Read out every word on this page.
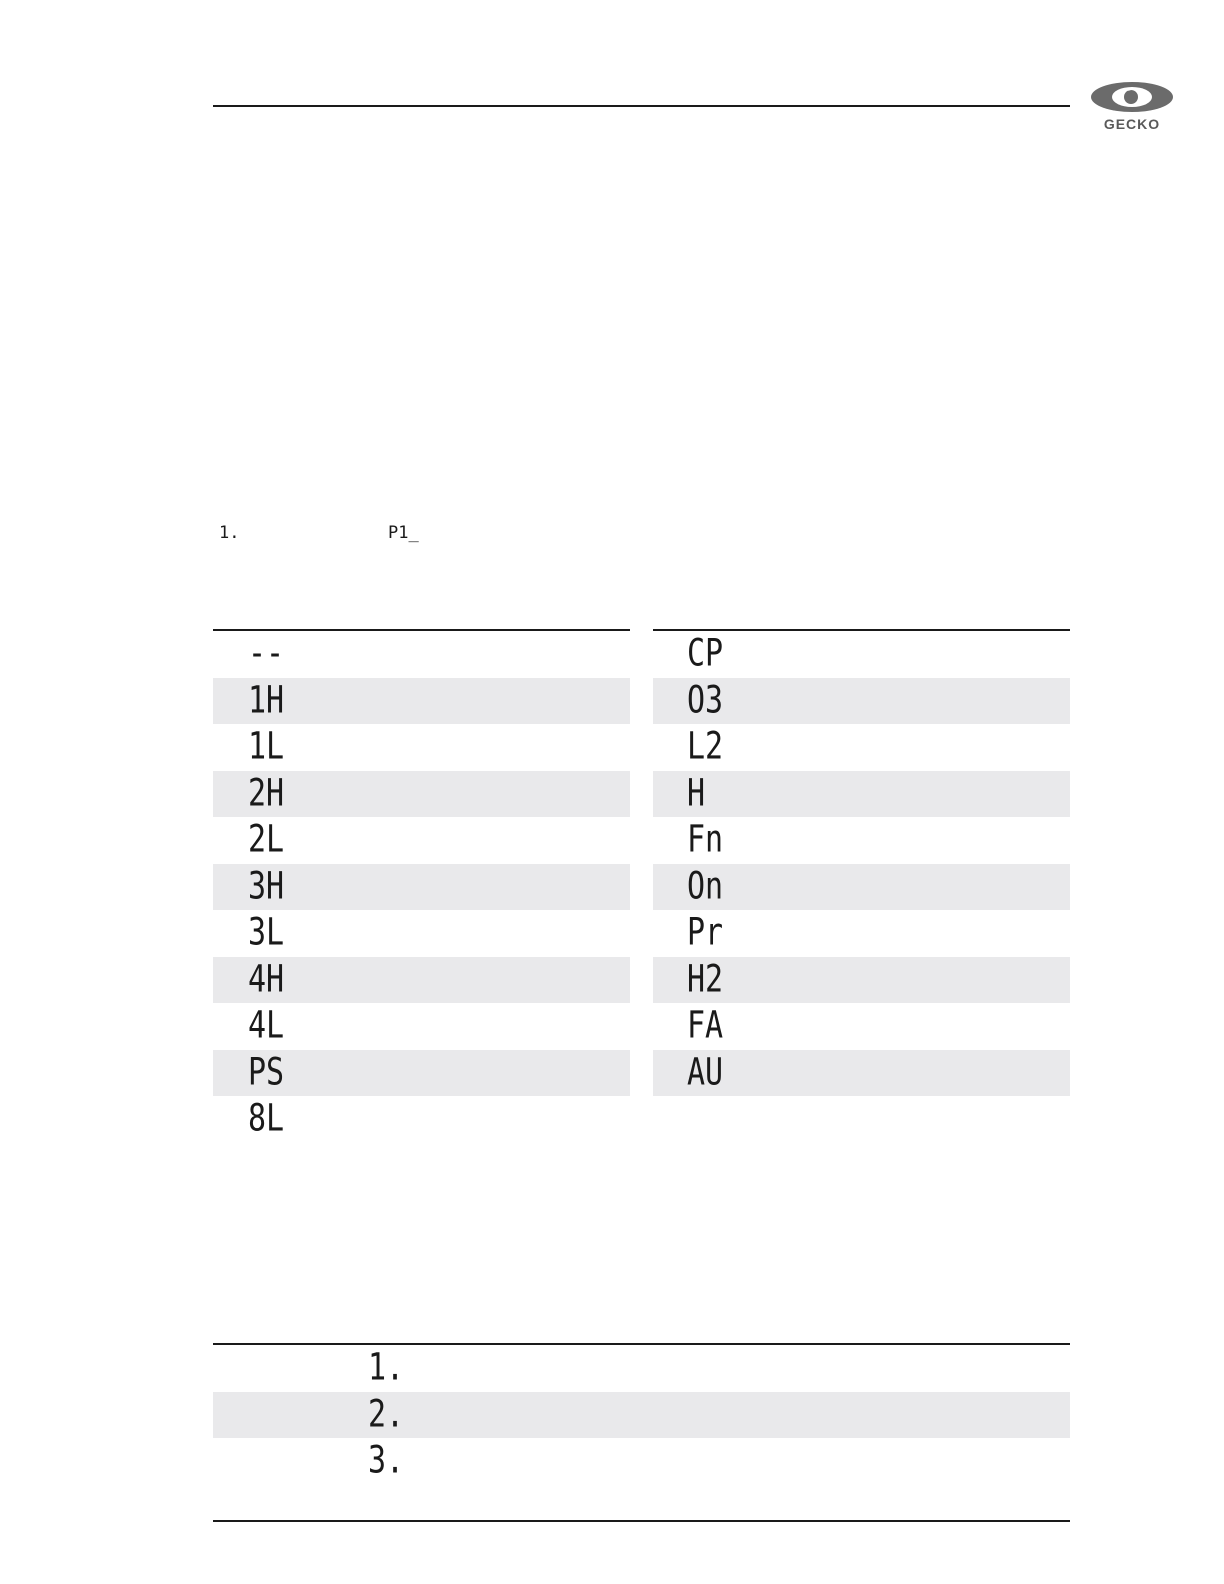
GECKO
1.	P1_
--
1H
1L
2H
2L
3H
3L
4H
4L
PS
8L
CP
O3
L2
H
Fn
On
Pr
H2
FA
AU
1.
2.
3.
